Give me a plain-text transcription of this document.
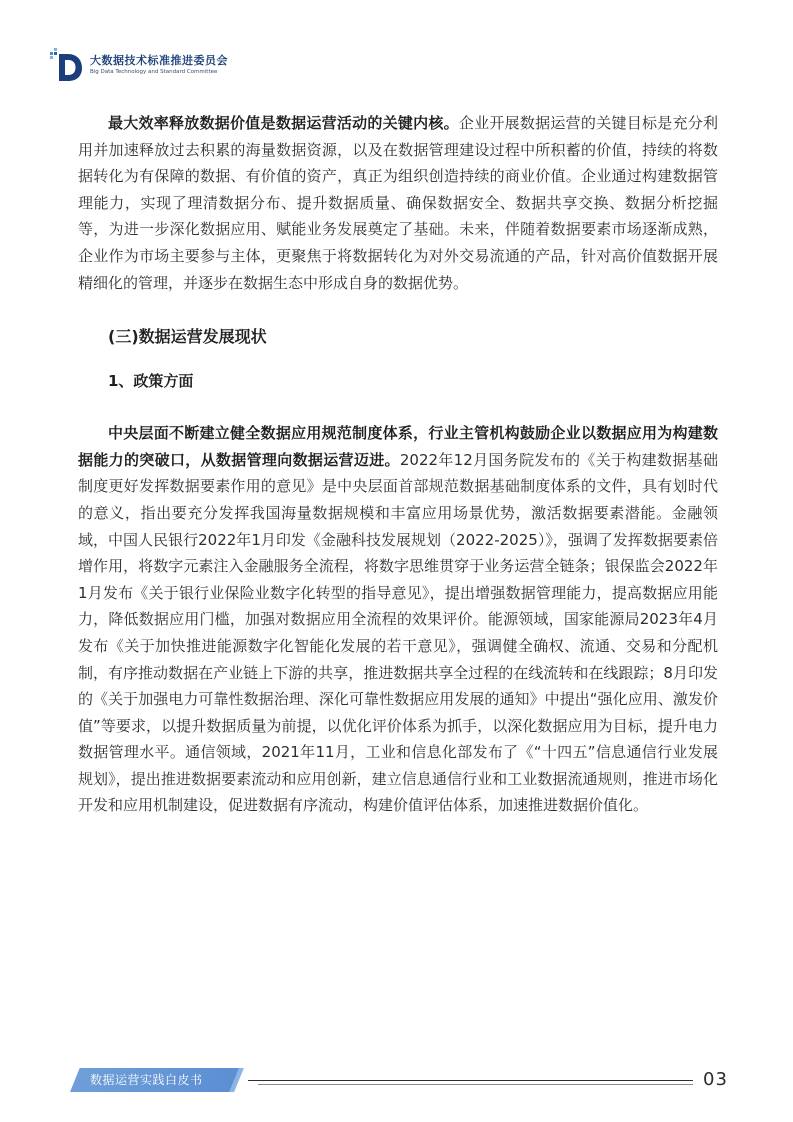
大数据技术标准推进委员会
Big Data Technology and Standard Committee

最大效率释放数据价值是数据运营活动的关键内核。企业开展数据运营的关键目标是充分利用并加速释放过去积累的海量数据资源，以及在数据管理建设过程中所积蓄的价值，持续的将数据转化为有保障的数据、有价值的资产，真正为组织创造持续的商业价值。企业通过构建数据管理能力，实现了理清数据分布、提升数据质量、确保数据安全、数据共享交换、数据分析挖掘等，为进一步深化数据应用、赋能业务发展奠定了基础。未来，伴随着数据要素市场逐渐成熟，企业作为市场主要参与主体，更聚焦于将数据转化为对外交易流通的产品，针对高价值数据开展精细化的管理，并逐步在数据生态中形成自身的数据优势。

(三)数据运营发展现状
1、政策方面

中央层面不断建立健全数据应用规范制度体系，行业主管机构鼓励企业以数据应用为构建数据能力的突破口，从数据管理向数据运营迈进。2022年12月国务院发布的《关于构建数据基础制度更好发挥数据要素作用的意见》是中央层面首部规范数据基础制度体系的文件，具有划时代的意义，指出要充分发挥我国海量数据规模和丰富应用场景优势，激活数据要素潜能。金融领域，中国人民银行2022年1月印发《金融科技发展规划（2022-2025）》，强调了发挥数据要素倍增作用，将数字元素注入金融服务全流程，将数字思维贯穿于业务运营全链条；银保监会2022年1月发布《关于银行业保险业数字化转型的指导意见》，提出增强数据管理能力，提高数据应用能力，降低数据应用门槛，加强对数据应用全流程的效果评价。能源领域，国家能源局2023年4月发布《关于加快推进能源数字化智能化发展的若干意见》，强调健全确权、流通、交易和分配机制，有序推动数据在产业链上下游的共享，推进数据共享全过程的在线流转和在线跟踪；8月印发的《关于加强电力可靠性数据治理、深化可靠性数据应用发展的通知》中提出“强化应用、激发价值”等要求，以提升数据质量为前提，以优化评价体系为抓手，以深化数据应用为目标，提升电力数据管理水平。通信领域，2021年11月，工业和信息化部发布了《“十四五”信息通信行业发展规划》，提出推进数据要素流动和应用创新，建立信息通信行业和工业数据流通规则，推进市场化开发和应用机制建设，促进数据有序流动，构建价值评估体系，加速推进数据价值化。

数据运营实践白皮书	03
